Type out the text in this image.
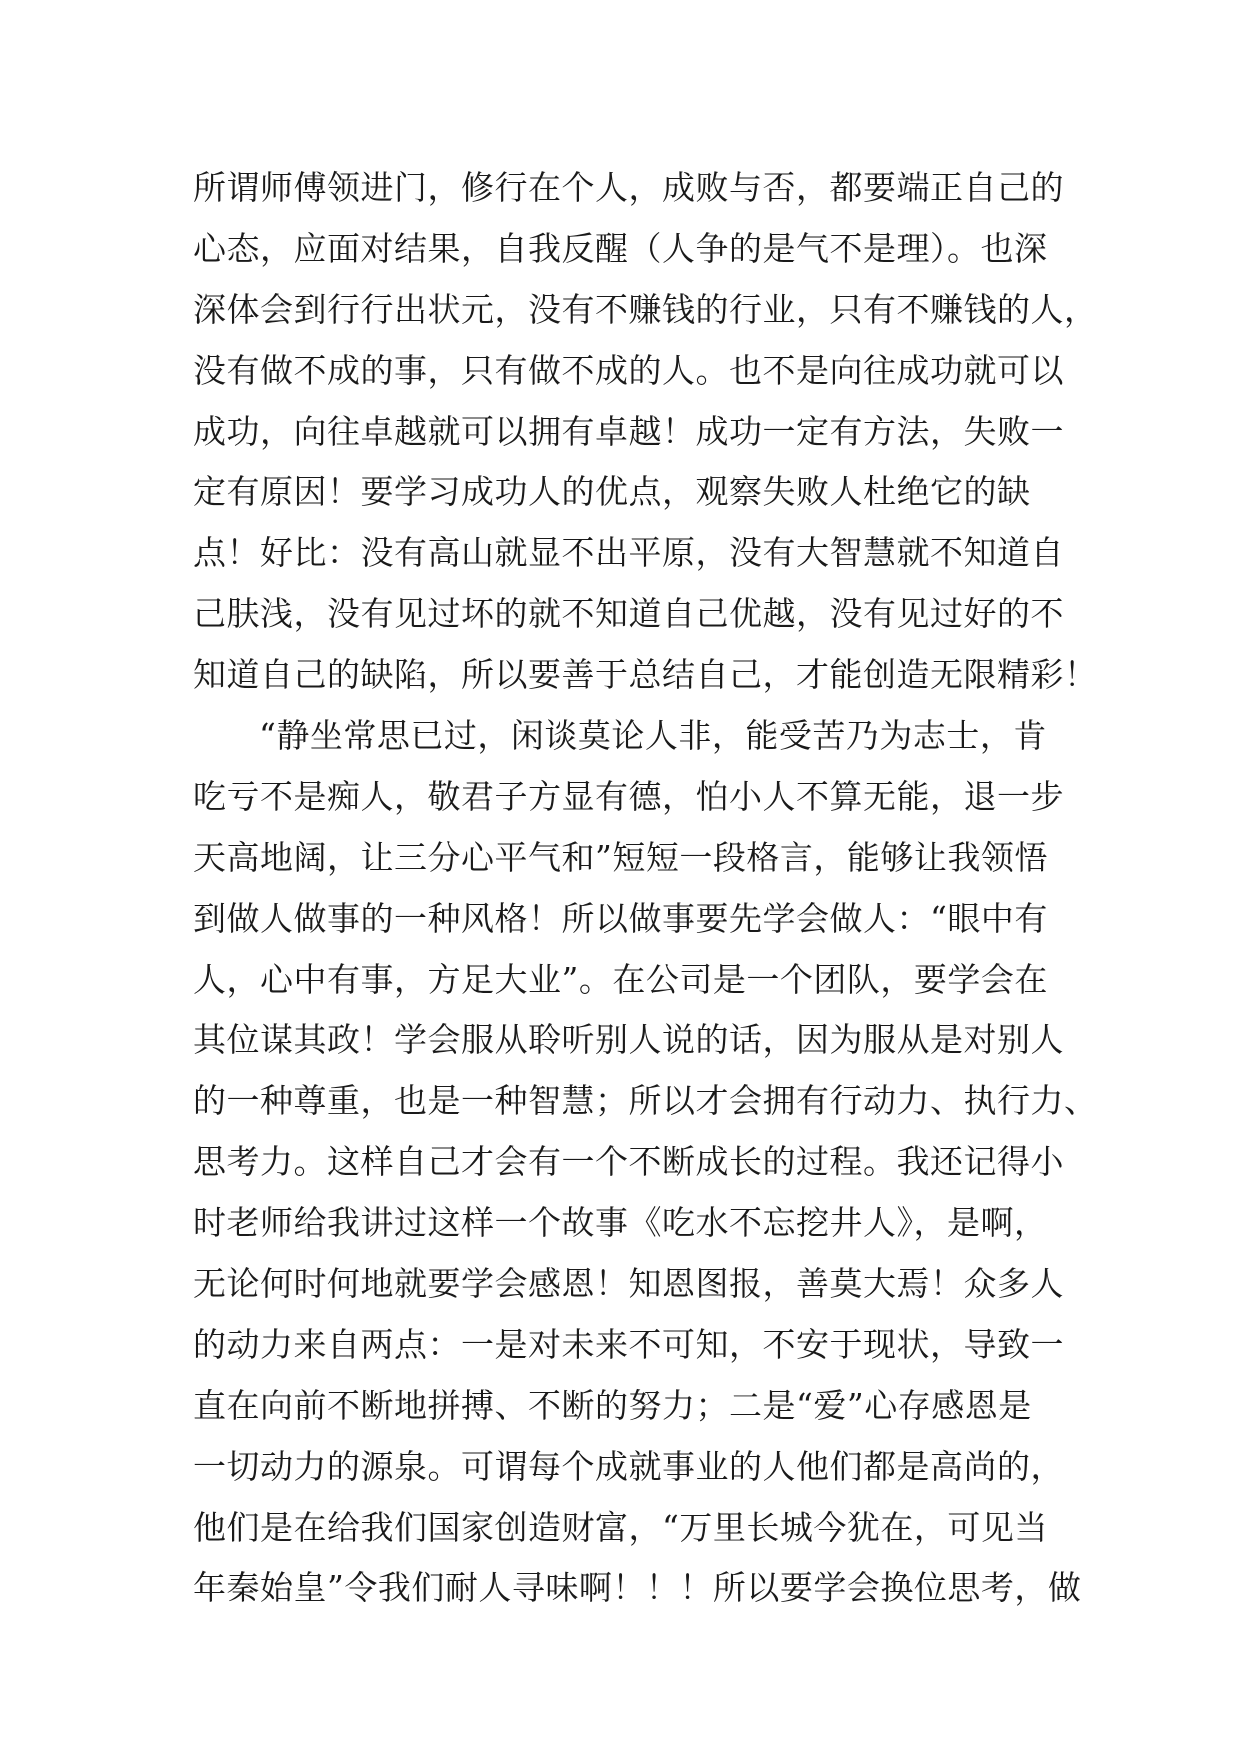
所谓师傅领进门，修行在个人，成败与否，都要端正自己的
心态，应面对结果，自我反醒（人争的是气不是理）。也深
深体会到行行出状元，没有不赚钱的行业，只有不赚钱的人，
没有做不成的事，只有做不成的人。也不是向往成功就可以
成功，向往卓越就可以拥有卓越！成功一定有方法，失败一
定有原因！要学习成功人的优点，观察失败人杜绝它的缺
点！好比：没有高山就显不出平原，没有大智慧就不知道自
己肤浅，没有见过坏的就不知道自己优越，没有见过好的不
知道自己的缺陷，所以要善于总结自己，才能创造无限精彩！
“静坐常思已过，闲谈莫论人非，能受苦乃为志士，肯
吃亏不是痴人，敬君子方显有德，怕小人不算无能，退一步
天高地阔，让三分心平气和”短短一段格言，能够让我领悟
到做人做事的一种风格！所以做事要先学会做人：“眼中有
人，心中有事，方足大业”。在公司是一个团队，要学会在
其位谋其政！学会服从聆听别人说的话，因为服从是对别人
的一种尊重，也是一种智慧；所以才会拥有行动力、执行力、
思考力。这样自己才会有一个不断成长的过程。我还记得小
时老师给我讲过这样一个故事《吃水不忘挖井人》，是啊，
无论何时何地就要学会感恩！知恩图报，善莫大焉！众多人
的动力来自两点：一是对未来不可知，不安于现状，导致一
直在向前不断地拼搏、不断的努力；二是“爱”心存感恩是
一切动力的源泉。可谓每个成就事业的人他们都是高尚的，
他们是在给我们国家创造财富，“万里长城今犹在，可见当
年秦始皇”令我们耐人寻味啊！！！所以要学会换位思考，做
